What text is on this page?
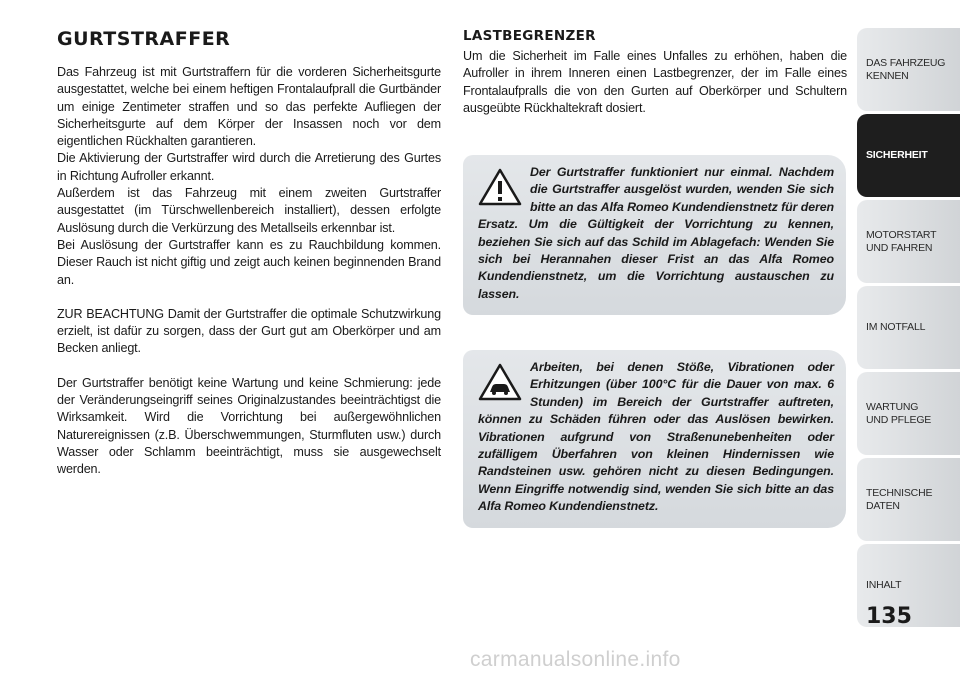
GURTSTRAFFER

Das Fahrzeug ist mit Gurtstraffern für die vorderen Sicherheitsgurte ausgestattet, welche bei einem heftigen Frontalaufprall die Gurtbänder um einige Zentimeter straffen und so das perfekte Aufliegen der Sicherheitsgurte auf dem Körper der Insassen noch vor dem eigentlichen Rückhalten garantieren.

Die Aktivierung der Gurtstraffer wird durch die Arretierung des Gurtes in Richtung Aufroller erkannt.

Außerdem ist das Fahrzeug mit einem zweiten Gurtstraffer ausgestattet (im Türschwellenbereich installiert), dessen erfolgte Auslösung durch die Verkürzung des Metallseils erkennbar ist.

Bei Auslösung der Gurtstraffer kann es zu Rauchbildung kommen. Dieser Rauch ist nicht giftig und zeigt auch keinen beginnenden Brand an.

ZUR BEACHTUNG Damit der Gurtstraffer die optimale Schutzwirkung erzielt, ist dafür zu sorgen, dass der Gurt gut am Oberkörper und am Becken anliegt.

Der Gurtstraffer benötigt keine Wartung und keine Schmierung: jede der Veränderungseingriff seines Originalzustandes beeinträchtigst die Wirksamkeit. Wird die Vorrichtung bei außergewöhnlichen Naturereignissen (z.B. Überschwemmungen, Sturmfluten usw.) durch Wasser oder Schlamm beeinträchtigt, muss sie ausgewechselt werden.

LASTBEGRENZER

Um die Sicherheit im Falle eines Unfalles zu erhöhen, haben die Aufroller in ihrem Inneren einen Lastbegrenzer, der im Falle eines Frontalaufpralls die von den Gurten auf Oberkörper und Schultern ausgeübte Rückhaltekraft dosiert.

Der Gurtstraffer funktioniert nur einmal. Nachdem die Gurtstraffer ausgelöst wurden, wenden Sie sich bitte an das Alfa Romeo Kundendienstnetz für deren Ersatz. Um die Gültigkeit der Vorrichtung zu kennen, beziehen Sie sich auf das Schild im Ablagefach: Wenden Sie sich bei Herannahen dieser Frist an das Alfa Romeo Kundendienstnetz, um die Vorrichtung austauschen zu lassen.

Arbeiten, bei denen Stöße, Vibrationen oder Erhitzungen (über 100°C für die Dauer von max. 6 Stunden) im Bereich der Gurtstraffer auftreten, können zu Schäden führen oder das Auslösen bewirken. Vibrationen aufgrund von Straßenunebenheiten oder zufälligem Überfahren von kleinen Hindernissen wie Randsteinen usw. gehören nicht zu diesen Bedingungen. Wenn Eingriffe notwendig sind, wenden Sie sich bitte an das Alfa Romeo Kundendienstnetz.

DAS FAHRZEUG
KENNEN
SICHERHEIT
MOTORSTART
UND FAHREN
IM NOTFALL
WARTUNG
UND PFLEGE
TECHNISCHE
DATEN
INHALT
135
carmanualsonline.info
